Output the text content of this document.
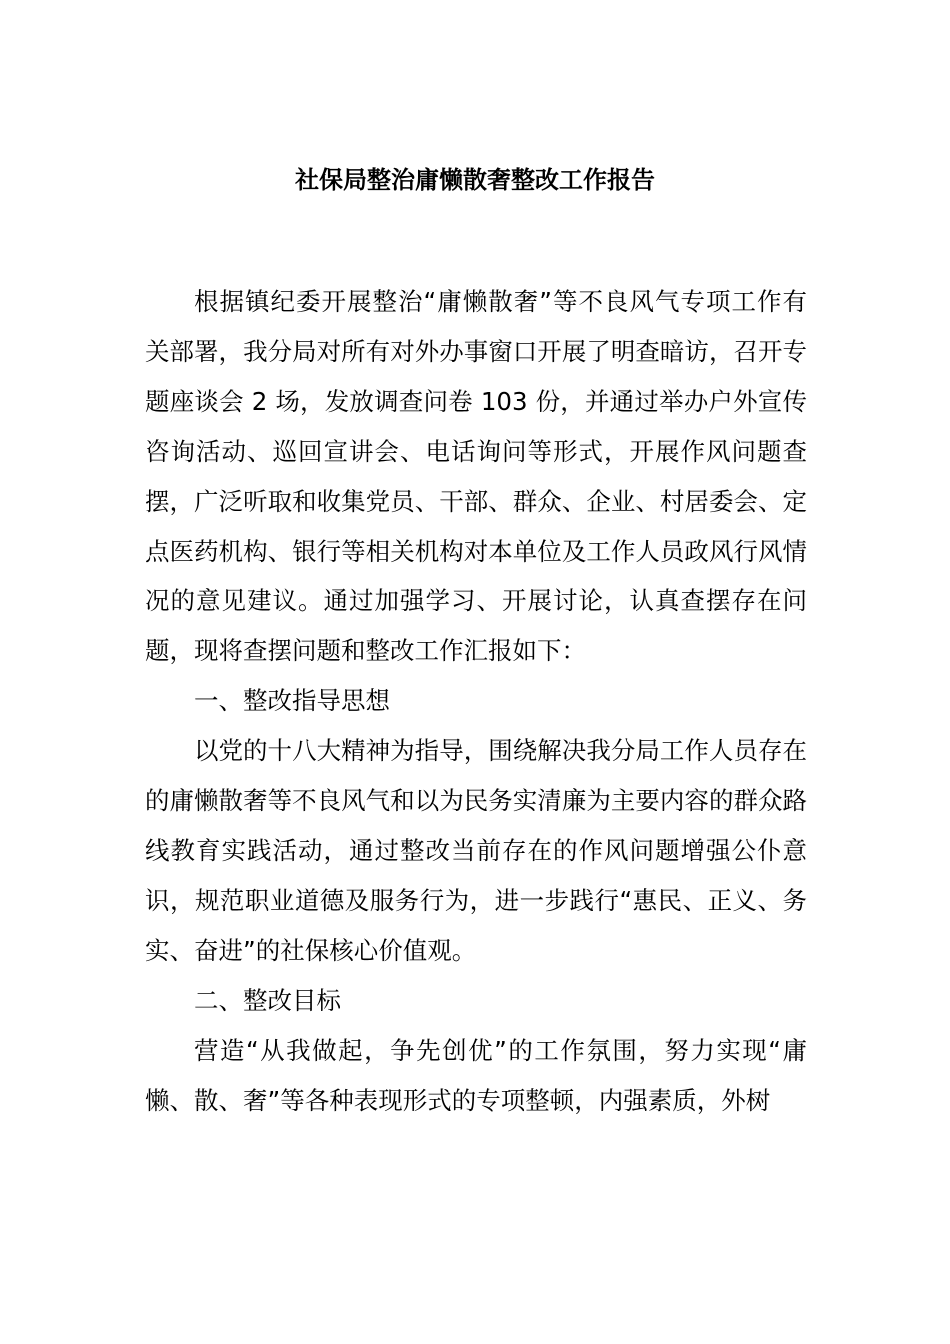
社保局整治庸懒散奢整改工作报告

根据镇纪委开展整治“庸懒散奢”等不良风气专项工作有关部署，我分局对所有对外办事窗口开展了明查暗访，召开专题座谈会 2 场，发放调查问卷 103 份，并通过举办户外宣传咨询活动、巡回宣讲会、电话询问等形式，开展作风问题查摆，广泛听取和收集党员、干部、群众、企业、村居委会、定点医药机构、银行等相关机构对本单位及工作人员政风行风情况的意见建议。通过加强学习、开展讨论，认真查摆存在问题，现将查摆问题和整改工作汇报如下：

一、整改指导思想

以党的十八大精神为指导，围绕解决我分局工作人员存在的庸懒散奢等不良风气和以为民务实清廉为主要内容的群众路线教育实践活动，通过整改当前存在的作风问题增强公仆意识，规范职业道德及服务行为，进一步践行“惠民、正义、务实、奋进”的社保核心价值观。

二、整改目标

营造“从我做起，争先创优”的工作氛围，努力实现“庸懒、散、奢”等各种表现形式的专项整顿，内强素质，外树
